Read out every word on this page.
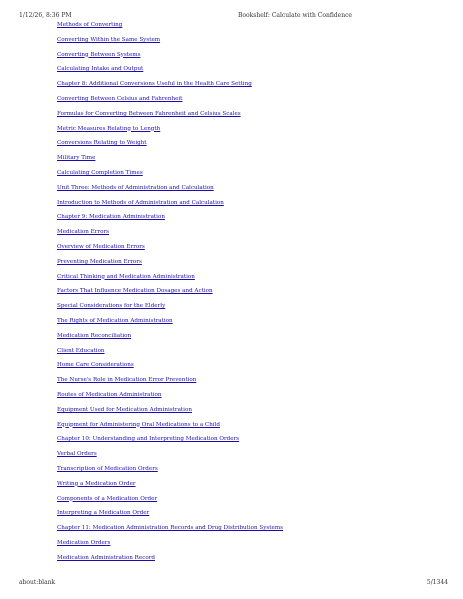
1/12/26, 8:36 PM	Bookshelf: Calculate with Confidence
Methods of Converting
Converting Within the Same System
Converting Between Systems
Calculating Intake and Output
Chapter 8: Additional Conversions Useful in the Health Care Setting
Converting Between Celsius and Fahrenheit
Formulas for Converting Between Fahrenheit and Celsius Scales
Metric Measures Relating to Length
Conversions Relating to Weight
Military Time
Calculating Completion Times
Unit Three: Methods of Administration and Calculation
Introduction to Methods of Administration and Calculation
Chapter 9: Medication Administration
Medication Errors
Overview of Medication Errors
Preventing Medication Errors
Critical Thinking and Medication Administration
Factors That Influence Medication Dosages and Action
Special Considerations for the Elderly
The Rights of Medication Administration
Medication Reconciliation
Client Education
Home Care Considerations
The Nurse's Role in Medication Error Prevention
Routes of Medication Administration
Equipment Used for Medication Administration
Equipment for Administering Oral Medications to a Child
Chapter 10: Understanding and Interpreting Medication Orders
Verbal Orders
Transcription of Medication Orders
Writing a Medication Order
Components of a Medication Order
Interpreting a Medication Order
Chapter 11: Medication Administration Records and Drug Distribution Systems
Medication Orders
Medication Administration Record
about:blank	5/1344
